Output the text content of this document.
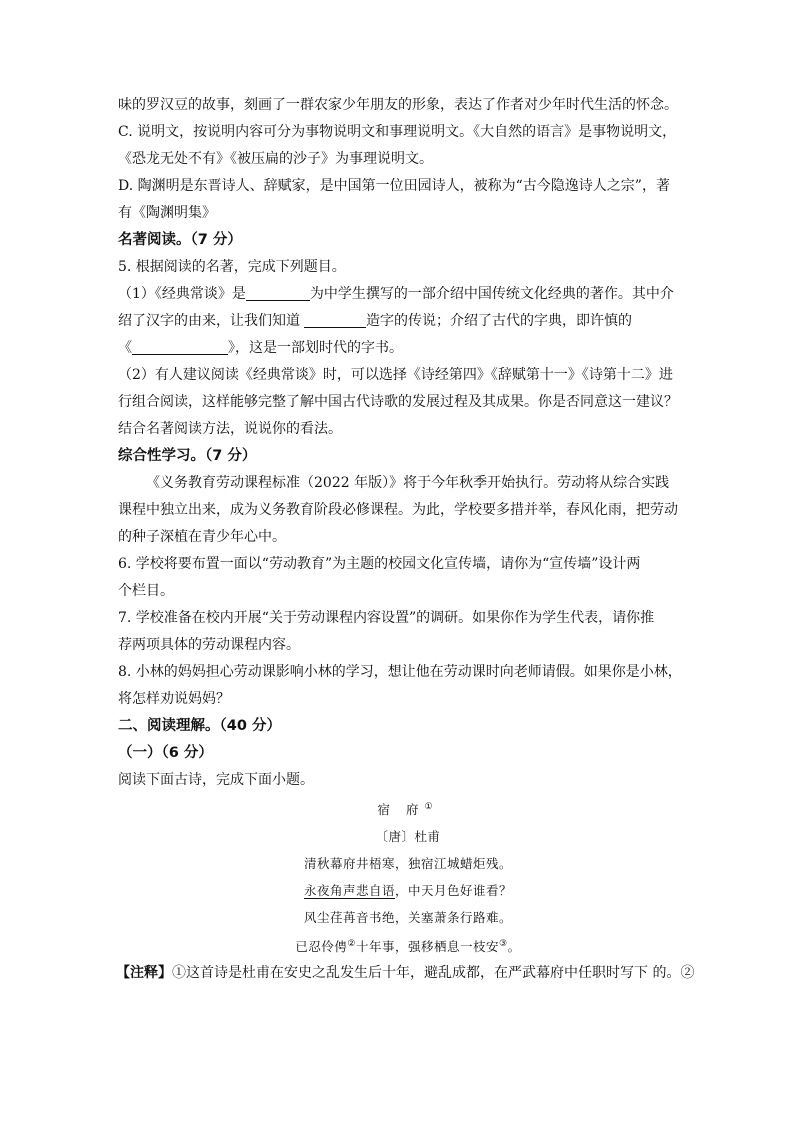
味的罗汉豆的故事，刻画了一群农家少年朋友的形象，表达了作者对少年时代生活的怀念。
C. 说明文，按说明内容可分为事物说明文和事理说明文。《大自然的语言》是事物说明文，
《恐龙无处不有》《被压扁的沙子》为事理说明文。
D. 陶渊明是东晋诗人、辞赋家，是中国第一位田园诗人，被称为“古今隐逸诗人之宗”，著
有《陶渊明集》
名著阅读。（7 分）
5. 根据阅读的名著，完成下列题目。
（1）《经典常谈》是	为中学生撰写的一部介绍中国传统文化经典的著作。其中介
绍了汉字的由来，让我们知道	造字的传说；介绍了古代的字典，即许慎的
《	》，这是一部划时代的字书。
（2）有人建议阅读《经典常谈》时，可以选择《诗经第四》《辞赋第十一》《诗第十二》进
行组合阅读，这样能够完整了解中国古代诗歌的发展过程及其成果。你是否同意这一建议？
结合名著阅读方法，说说你的看法。
综合性学习。（7 分）
《义务教育劳动课程标准（2022 年版）》将于今年秋季开始执行。劳动将从综合实践
课程中独立出来，成为义务教育阶段必修课程。为此，学校要多措并举，春风化雨，把劳动
的种子深植在青少年心中。
6. 学校将要布置一面以“劳动教育”为主题的校园文化宣传墙，请你为“宣传墙”设计两
个栏目。
7. 学校准备在校内开展“关于劳动课程内容设置”的调研。如果你作为学生代表，请你推
荐两项具体的劳动课程内容。
8. 小林的妈妈担心劳动课影响小林的学习，想让他在劳动课时向老师请假。如果你是小林，
将怎样劝说妈妈？
二、阅读理解。（40 分）
（一）（6 分）
阅读下面古诗，完成下面小题。
宿 府①
〔唐〕杜甫
清秋幕府井梧寒，独宿江城蜡炬残。
永夜角声悲自语，中天月色好谁看？
风尘荏苒音书绝，关塞萧条行路难。
已忍伶俜②十年事，强移栖息一枝安③。
【注释】①这首诗是杜甫在安史之乱发生后十年，避乱成都，在严武幕府中任职时写下 的。②
